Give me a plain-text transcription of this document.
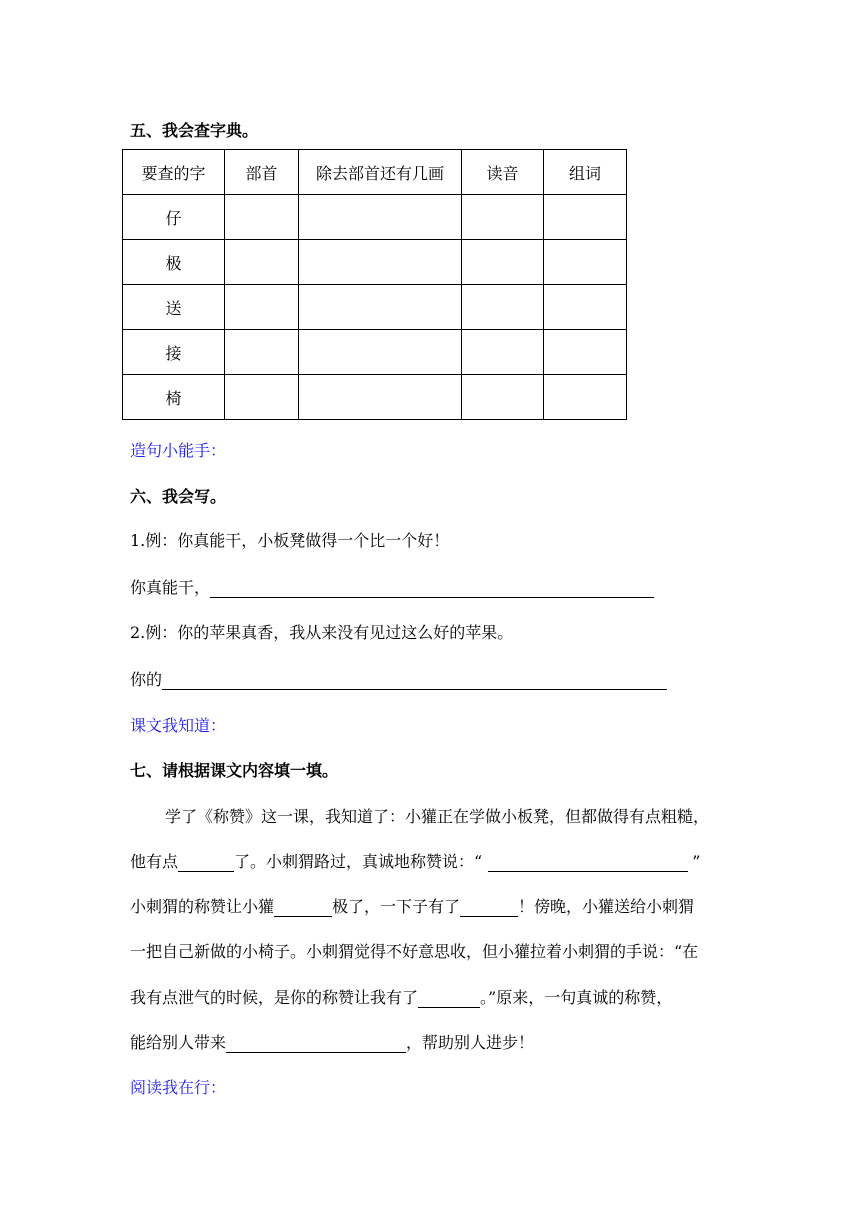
五、我会查字典。
要查的字	部首	除去部首还有几画	读音	组词
仔				
极				
送				
接				
椅				
造句小能手：
六、我会写。
1.例：你真能干，小板凳做得一个比一个好！
你真能干，
2.例：你的苹果真香，我从来没有见过这么好的苹果。
你的
课文我知道：
七、请根据课文内容填一填。
学了《称赞》这一课，我知道了：小獾正在学做小板凳，但都做得有点粗糙，
他有点	了。小刺猬路过，真诚地称赞说：“	”
小刺猬的称赞让小獾	极了，一下子有了	！傍晚，小獾送给小刺猬
一把自己新做的小椅子。小刺猬觉得不好意思收，但小獾拉着小刺猬的手说：“在
我有点泄气的时候，是你的称赞让我有了	。”原来，一句真诚的称赞，
能给别人带来	，帮助别人进步！
阅读我在行：
